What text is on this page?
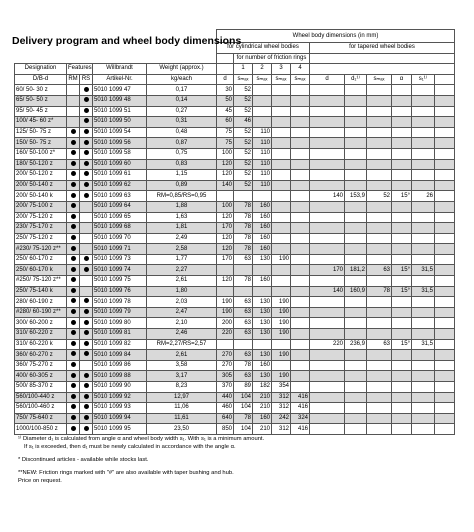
					Wheel body dimensions (in mm)										
					for cylindrical wheel bodies					for tapered wheel bodies					
						for number of friction rings									
Designation	Features		Willbrandt	Weight (approx.)		1	2	3	4						
D/B-d	RM	RS	Artikel-Nr.	kg/each	d	sₘₐₓ	sₘₐₓ	sₘₐₓ	sₘₐₓ	d	d₁¹⁾	sₘₐₓ	α	s₁¹⁾	
60/ 50- 30 z			5010 1099 47	0,17	30	52									
65/ 50- 50 z			5010 1099 48	0,14	50	52									
95/ 50- 45 z			5010 1099 51	0,27	45	52									
100/ 45- 60 z*			5010 1099 50	0,31	60	46									
125/ 50- 75 z			5010 1099 54	0,48	75	52	110								
150/ 50- 75 z			5010 1099 56	0,87	75	52	110								
160/ 50-100 z*			5010 1099 58	0,75	100	52	110								
180/ 50-120 z			5010 1099 60	0,83	120	52	110								
200/ 50-120 z			5010 1099 61	1,15	120	52	110								
200/ 50-140 z			5010 1099 62	0,89	140	52	110								
200/ 50-140 k			5010 1099 63	RM=0,85/RS=0,95						140	153,9	52	15°	26	
200/ 75-100 z			5010 1099 64	1,88	100	78	160								
200/ 75-120 z			5010 1099 65	1,63	120	78	160								
230/ 75-170 z			5010 1099 68	1,81	170	78	160								
250/ 75-120 z			5010 1099 70	2,49	120	78	160								
#230/ 75-120 z**			5010 1099 71	2,58	120	78	160								
250/ 60-170 z			5010 1099 73	1,77	170	63	130	190							
250/ 60-170 k			5010 1099 74	2,27						170	181,2	63	15°	31,5	
#250/ 75-120 z**			5010 1099 75	2,61	120	78	160								
250/ 75-140 k			5010 1099 76	1,80						140	160,9	78	15°	31,5	
280/ 60-190 z			5010 1099 78	2,03	190	63	130	190							
#280/ 60-190 z**			5010 1099 79	2,47	190	63	130	190							
300/ 60-200 z			5010 1099 80	2,10	200	63	130	190							
310/ 60-220 z			5010 1099 81	2,46	220	63	130	190							
310/ 60-220 k			5010 1099 82	RM=2,27/RS=2,57						220	236,9	63	15°	31,5	
360/ 60-270 z			5010 1099 84	2,61	270	63	130	190							
360/ 75-270 z			5010 1099 86	3,58	270	78	160								
400/ 60-305 z			5010 1099 88	3,17	305	63	130	190							
500/ 85-370 z			5010 1099 90	8,23	370	89	182	354							
560/100-440 z			5010 1099 92	12,97	440	104	210	312	416						
560/100-460 z			5010 1099 93	11,06	460	104	210	312	416						
750/ 75-640 z			5010 1099 94	11,61	640	78	160	242	324						
1000/100-850 z			5010 1099 95	23,50	850	104	210	312	416						
Delivery program and wheel body dimensions

¹⁾ Diameter d₁ is calculated from angle α and wheel body width s₁. With s₁ is a minimum amount.

If s₁ is exceeded, then d₁ must be newly calculated in accordance with the angle α.

* Discontinued articles - available while stocks last.

**NEW: Friction rings marked with "#" are also available with taper bushing and hub.

Price on request.
